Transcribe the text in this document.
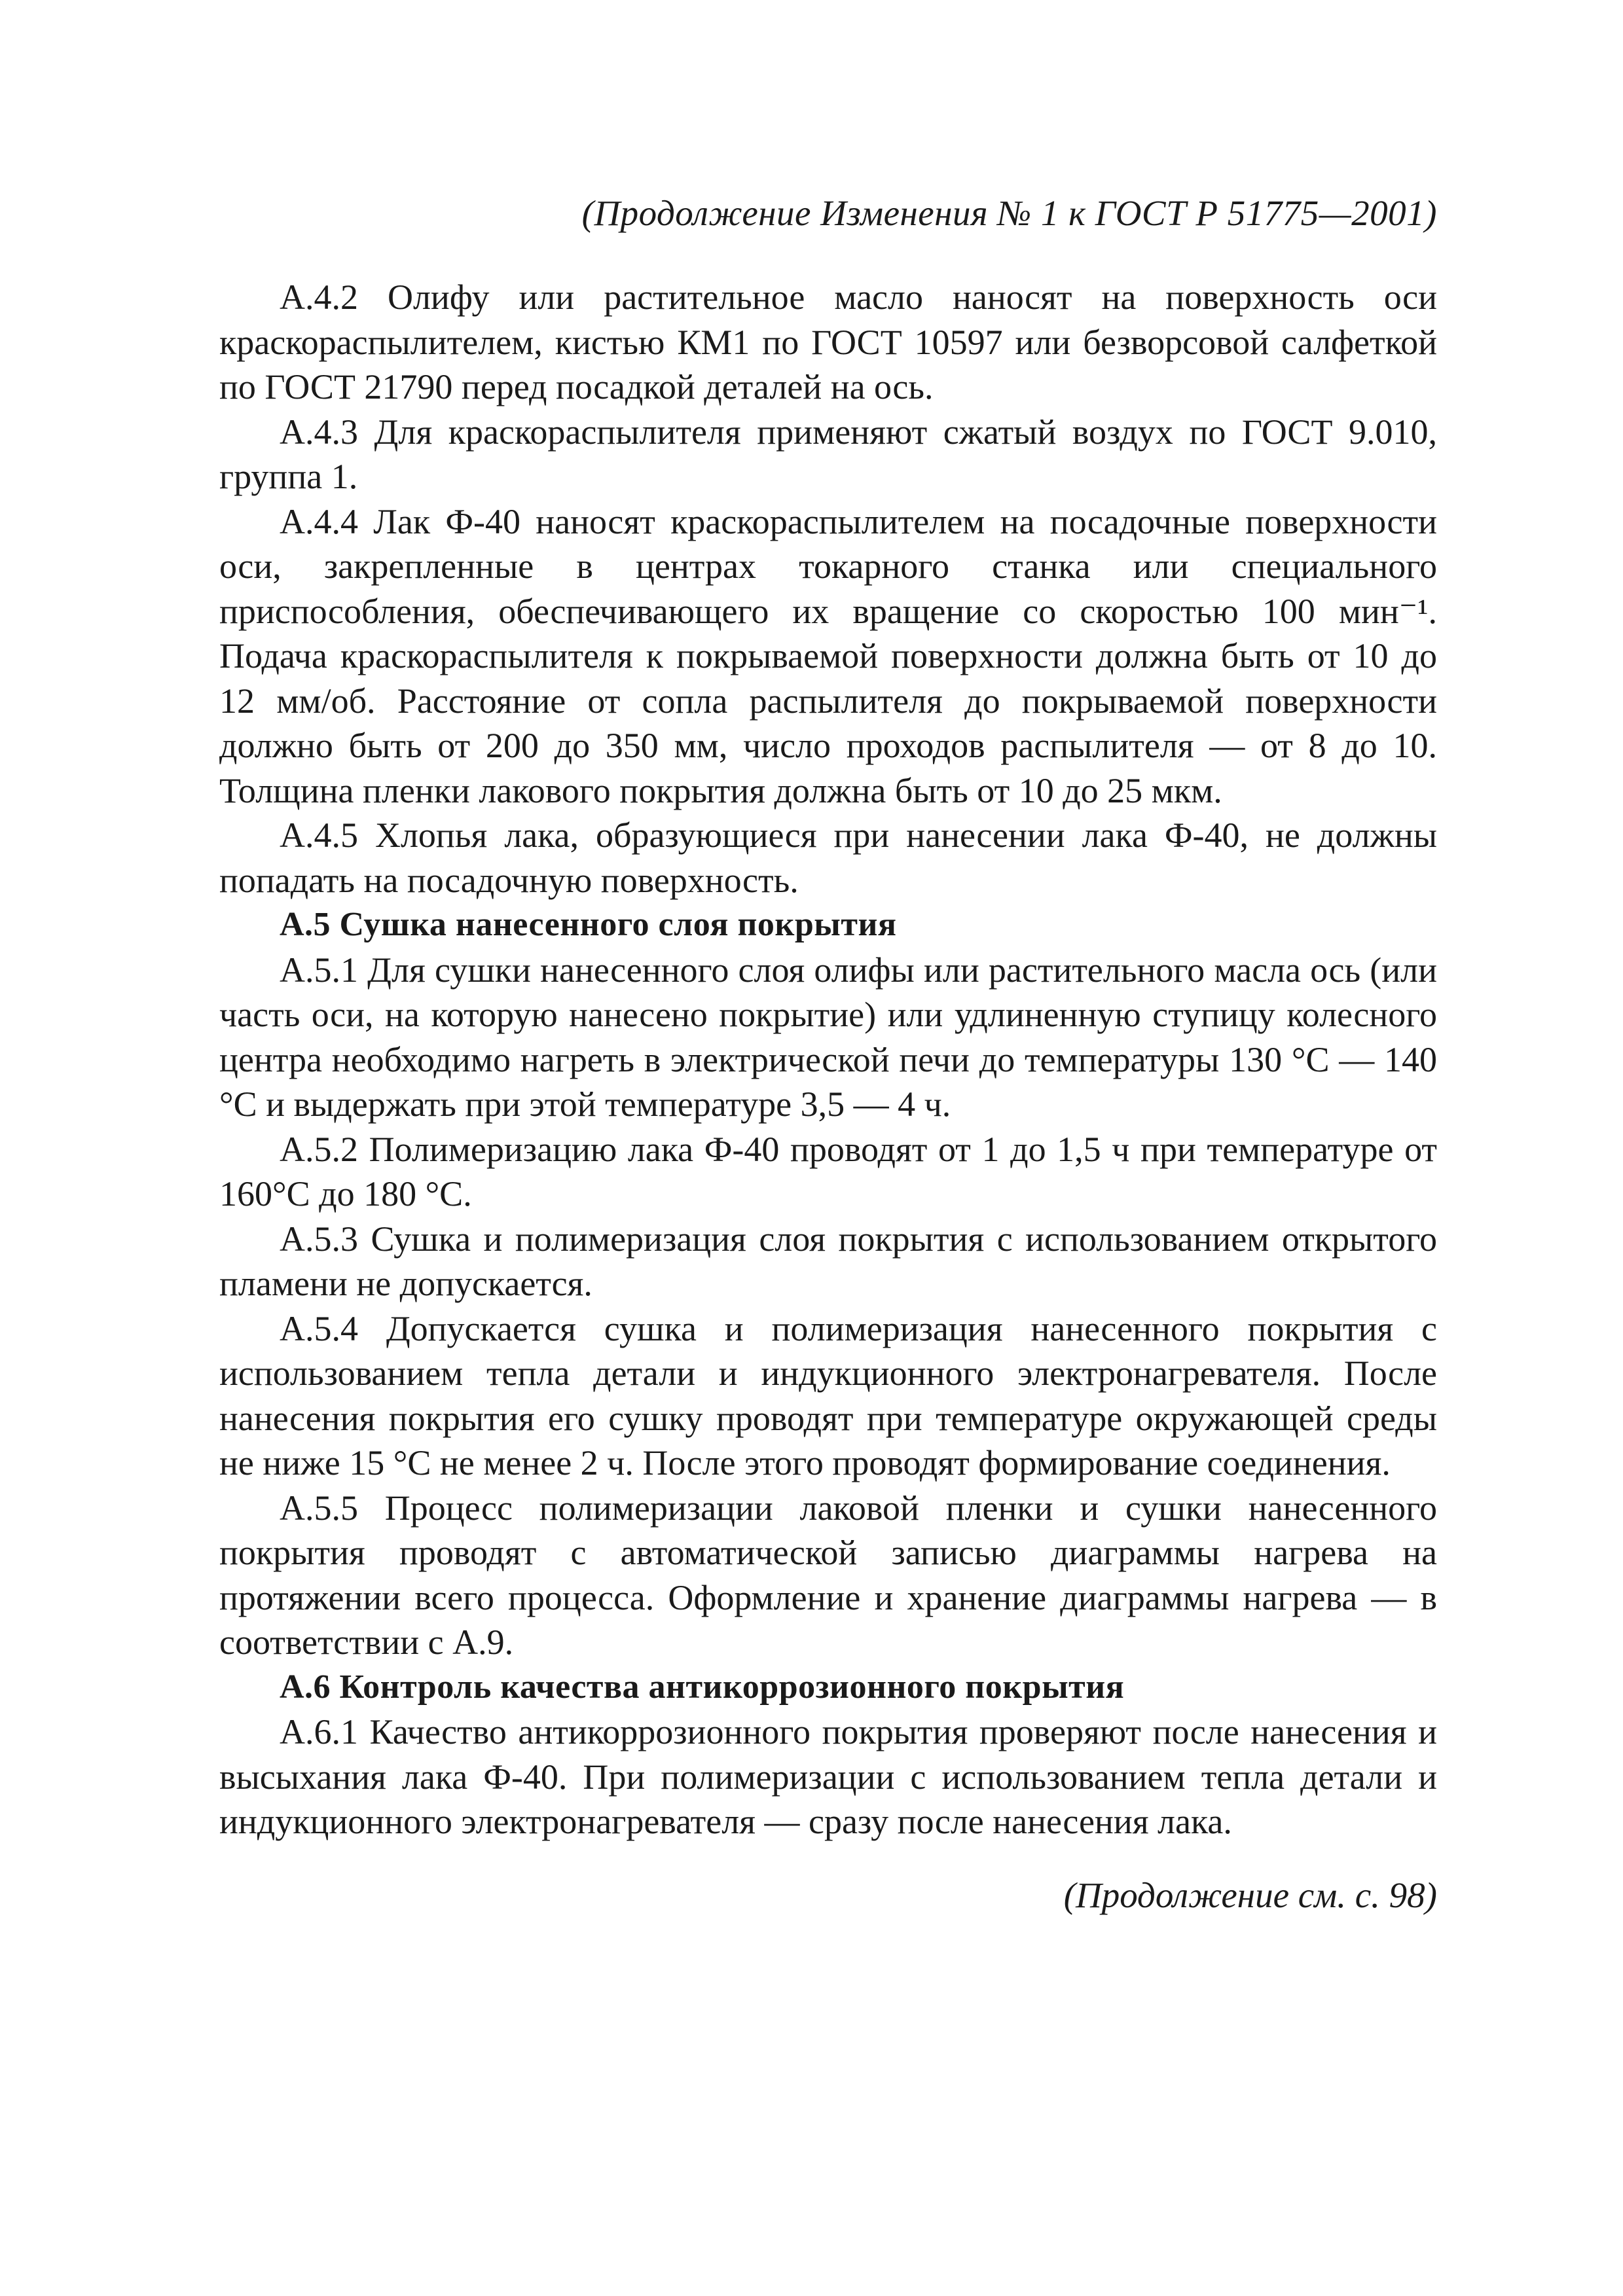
(Продолжение Изменения № 1 к ГОСТ Р 51775—2001)

А.4.2 Олифу или растительное масло наносят на поверхность оси краскораспылителем, кистью КМ1 по ГОСТ 10597 или безворсовой салфеткой по ГОСТ 21790 перед посадкой деталей на ось.

А.4.3 Для краскораспылителя применяют сжатый воздух по ГОСТ 9.010, группа 1.

А.4.4 Лак Ф-40 наносят краскораспылителем на посадочные поверхности оси, закрепленные в центрах токарного станка или специального приспособления, обеспечивающего их вращение со скоростью 100 мин⁻¹. Подача краскораспылителя к покрываемой поверхности должна быть от 10 до 12 мм/об. Расстояние от сопла распылителя до покрываемой поверхности должно быть от 200 до 350 мм, число проходов распылителя — от 8 до 10. Толщина пленки лакового покрытия должна быть от 10 до 25 мкм.

А.4.5 Хлопья лака, образующиеся при нанесении лака Ф-40, не должны попадать на посадочную поверхность.

А.5 Сушка нанесенного слоя покрытия

А.5.1 Для сушки нанесенного слоя олифы или растительного масла ось (или часть оси, на которую нанесено покрытие) или удлиненную ступицу колесного центра необходимо нагреть в электрической печи до температуры 130 °С — 140 °С и выдержать при этой температуре 3,5 — 4 ч.

А.5.2 Полимеризацию лака Ф-40 проводят от 1 до 1,5 ч при температуре от 160°С до 180 °С.

А.5.3 Сушка и полимеризация слоя покрытия с использованием открытого пламени не допускается.

А.5.4 Допускается сушка и полимеризация нанесенного покрытия с использованием тепла детали и индукционного электронагревателя. После нанесения покрытия его сушку проводят при температуре окружающей среды не ниже 15 °С не менее 2 ч. После этого проводят формирование соединения.

А.5.5 Процесс полимеризации лаковой пленки и сушки нанесенного покрытия проводят с автоматической записью диаграммы нагрева на протяжении всего процесса. Оформление и хранение диаграммы нагрева — в соответствии с А.9.

А.6 Контроль качества антикоррозионного покрытия

А.6.1 Качество антикоррозионного покрытия проверяют после нанесения и высыхания лака Ф-40. При полимеризации с использованием тепла детали и индукционного электронагревателя — сразу после нанесения лака.

(Продолжение см. с. 98)
